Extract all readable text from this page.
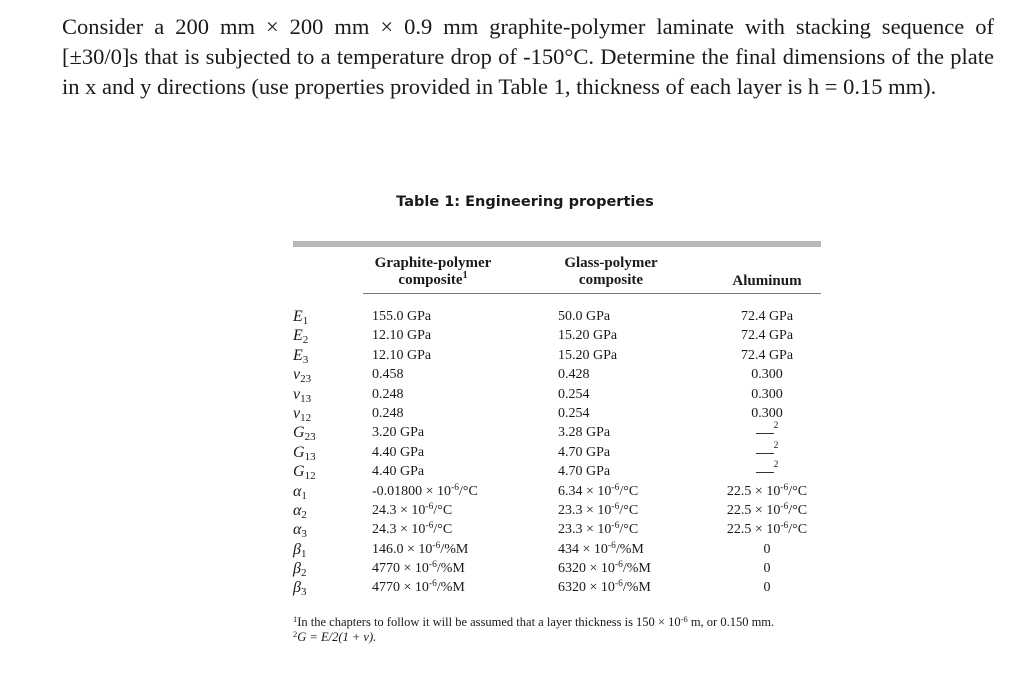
Consider a 200 mm × 200 mm × 0.9 mm graphite-polymer laminate with stacking sequence of [±30/0]s that is subjected to a temperature drop of -150°C. Determine the final dimensions of the plate in x and y directions (use properties provided in Table 1, thickness of each layer is h = 0.15 mm).
Table 1: Engineering properties
Graphite-polymer composite$^1$
Glass-polymer composite	Aluminum
$E_1$
$E_2$
$E_3$
$\nu_{23}$
$\nu_{13}$
$\nu_{12}$
$G_{23}$
$G_{13}$
$G_{12}$
$\alpha_1$
$\alpha_2$
$\alpha_3$
$\beta_1$
$\beta_2$
$\beta_3$
155.0 GPa
12.10 GPa
12.10 GPa
0.458
0.248
0.248
3.20 GPa
4.40 GPa
4.40 GPa
$-0.01800 \times 10^{-6}/^\circ C$
$24.3 \times 10^{-6}/^\circ C$
$24.3 \times 10^{-6}/^\circ C$
$146.0 \times 10^{-6}/\%M$
$4770 \times 10^{-6}/\%M$
$4770 \times 10^{-6}/\%M$
50.0 GPa
15.20 GPa
15.20 GPa
0.428
0.254
0.254
3.28 GPa
4.70 GPa
4.70 GPa
$6.34 \times 10^{-6}/^\circ C$
$23.3 \times 10^{-6}/^\circ C$
$23.3 \times 10^{-6}/^\circ C$
$434 \times 10^{-6}/\%M$
$6320 \times 10^{-6}/\%M$
$6320 \times 10^{-6}/\%M$
72.4 GPa
72.4 GPa
72.4 GPa
0.300
0.300
0.300
$^2$
$^2$
$^2$
$22.5 \times 10^{-6}/^\circ C$
$22.5 \times 10^{-6}/^\circ C$
$22.5 \times 10^{-6}/^\circ C$
0
0
0
$^1$In the chapters to follow it will be assumed that a layer thickness is $150 \times 10^{-6}$ m, or 0.150 mm.
$^2$G = E/2(1 + ν).
